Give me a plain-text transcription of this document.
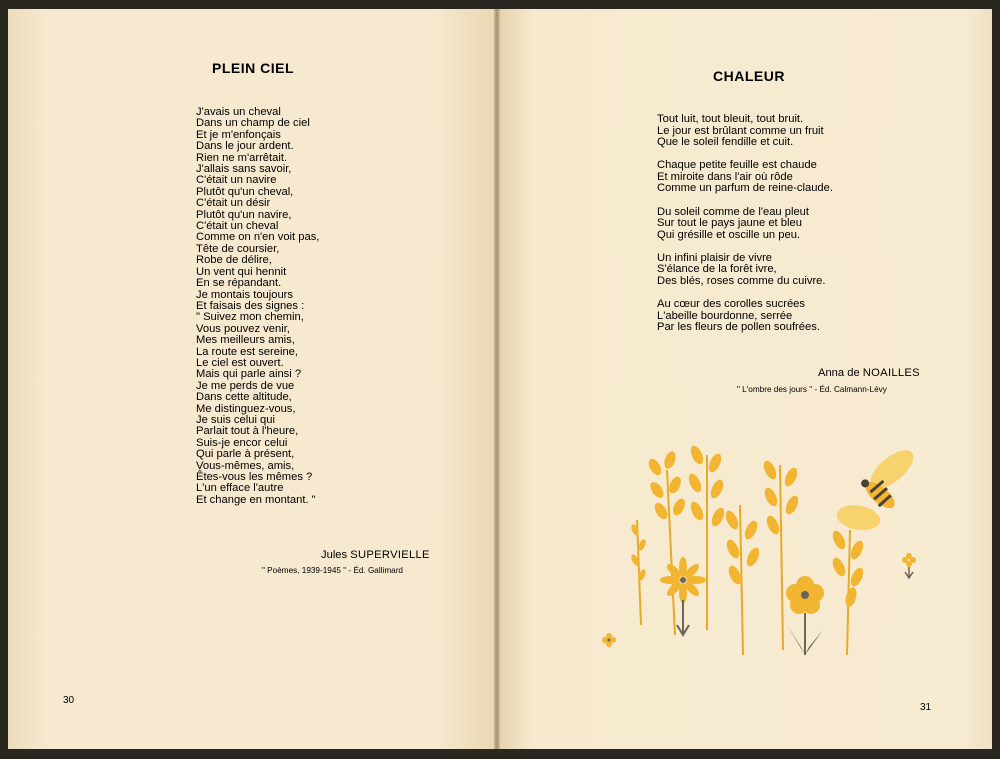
PLEIN CIEL
J'avais un cheval
Dans un champ de ciel
Et je m'enfonçais
Dans le jour ardent.
Rien ne m'arrêtait.
J'allais sans savoir,
C'était un navire
Plutôt qu'un cheval,
C'était un désir
Plutôt qu'un navire,
C'était un cheval
Comme on n'en voit pas,
Tête de coursier,
Robe de délire,
Un vent qui hennit
En se répandant.
Je montais toujours
Et faisais des signes :
" Suivez mon chemin,
Vous pouvez venir,
Mes meilleurs amis,
La route est sereine,
Le ciel est ouvert.
Mais qui parle ainsi ?
Je me perds de vue
Dans cette altitude,
Me distinguez-vous,
Je suis celui qui
Parlait tout à l'heure,
Suis-je encor celui
Qui parle à présent,
Vous-mêmes, amis,
Êtes-vous les mêmes ?
L'un efface l'autre
Et change en montant. "

Jules SUPERVIELLE

" Poèmes, 1939-1945 " - Éd. Gallimard

30
CHALEUR
Tout luit, tout bleuit, tout bruit.
Le jour est brûlant comme un fruit
Que le soleil fendille et cuit.
Chaque petite feuille est chaude
Et miroite dans l'air où rôde
Comme un parfum de reine-claude.
Du soleil comme de l'eau pleut
Sur tout le pays jaune et bleu
Qui grésille et oscille un peu.
Un infini plaisir de vivre
S'élance de la forêt ivre,
Des blés, roses comme du cuivre.
Au cœur des corolles sucrées
L'abeille bourdonne, serrée
Par les fleurs de pollen soufrées.

Anna de NOAILLES

" L'ombre des jours " - Éd. Calmann-Lévy

31
